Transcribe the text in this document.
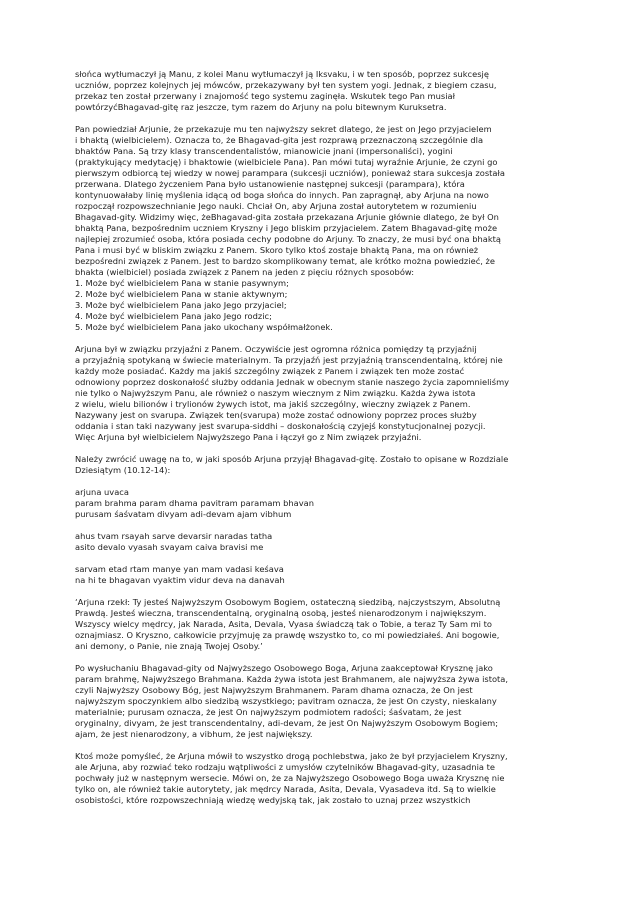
słońca wytłumaczył ją Manu, z kolei Manu wytłumaczył ją Iksvaku, i w ten sposób, poprzez sukcesję
uczniów, poprzez kolejnych jej mówców, przekazywany był ten system yogi. Jednak, z biegiem czasu,
przekaz ten został przerwany i znajomość tego systemu zaginęła. Wskutek tego Pan musiał
powtórzyćBhagavad-gitę raz jeszcze, tym razem do Arjuny na polu bitewnym Kuruksetra.
Pan powiedział Arjunie, że przekazuje mu ten najwyższy sekret dlatego, że jest on Jego przyjacielem
i bhaktą (wielbicielem). Oznacza to, że Bhagavad-gita jest rozprawą przeznaczoną szczególnie dla
bhaktów Pana. Są trzy klasy transcendentalistów, mianowicie jnani (impersonaliści), yogini
(praktykujący medytację) i bhaktowie (wielbiciele Pana). Pan mówi tutaj wyraźnie Arjunie, że czyni go
pierwszym odbiorcą tej wiedzy w nowej parampara (sukcesji uczniów), ponieważ stara sukcesja została
przerwana. Dlatego życzeniem Pana było ustanowienie następnej sukcesji (parampara), która
kontynuowałaby linię myślenia idącą od boga słońca do innych. Pan zapragnął, aby Arjuna na nowo
rozpoczął rozpowszechnianie Jego nauki. Chciał On, aby Arjuna został autorytetem w rozumieniu
Bhagavad-gity. Widzimy więc, żeBhagavad-gita została przekazana Arjunie głównie dlatego, że był On
bhaktą Pana, bezpośrednim uczniem Kryszny i Jego bliskim przyjacielem. Zatem Bhagavad-gitę może
najlepiej zrozumieć osoba, która posiada cechy podobne do Arjuny. To znaczy, że musi być ona bhaktą
Pana i musi być w bliskim związku z Panem. Skoro tylko ktoś zostaje bhaktą Pana, ma on również
bezpośredni związek z Panem. Jest to bardzo skomplikowany temat, ale krótko można powiedzieć, że
bhakta (wielbiciel) posiada związek z Panem na jeden z pięciu różnych sposobów:
1. Może być wielbicielem Pana w stanie pasywnym;
2. Może być wielbicielem Pana w stanie aktywnym;
3. Może być wielbicielem Pana jako Jego przyjaciel;
4. Może być wielbicielem Pana jako Jego rodzic;
5. Może być wielbicielem Pana jako ukochany współmałżonek.
Arjuna był w związku przyjaźni z Panem. Oczywiście jest ogromna różnica pomiędzy tą przyjaźnij
a przyjaźnią spotykaną w świecie materialnym. Ta przyjaźń jest przyjaźnią transcendentalną, której nie
każdy może posiadać. Każdy ma jakiś szczególny związek z Panem i związek ten może zostać
odnowiony poprzez doskonałość służby oddania Jednak w obecnym stanie naszego życia zapomnieliśmy
nie tylko o Najwyższym Panu, ale również o naszym wiecznym z Nim związku. Każda żywa istota
z wielu, wielu bilionów i trylionów żywych istot, ma jakiś szczególny, wieczny związek z Panem.
Nazywany jest on svarupa. Związek ten(svarupa) może zostać odnowiony poprzez proces służby
oddania i stan taki nazywany jest svarupa-siddhi – doskonałością czyjejś konstytucjonalnej pozycji.
Więc Arjuna był wielbicielem Najwyższego Pana i łączył go z Nim związek przyjaźni.
Należy zwrócić uwagę na to, w jaki sposób Arjuna przyjął Bhagavad-gitę. Zostało to opisane w Rozdziale
Dziesiątym (10.12-14):
arjuna uvaca
param brahma param dhama pavitram paramam bhavan
purusam śaśvatam divyam adi-devam ajam vibhum
ahus tvam rsayah sarve devarsir naradas tatha
asito devalo vyasah svayam caiva bravisi me
sarvam etad rtam manye yan mam vadasi keśava
na hi te bhagavan vyaktim vidur deva na danavah
‘Arjuna rzekł: Ty jesteś Najwyższym Osobowym Bogiem, ostateczną siedzibą, najczystszym, Absolutną
Prawdą. Jesteś wieczna, transcendentalną, oryginalną osobą, jesteś nienarodzonym i największym.
Wszyscy wielcy mędrcy, jak Narada, Asita, Devala, Vyasa świadczą tak o Tobie, a teraz Ty Sam mi to
oznajmiasz. O Kryszno, całkowicie przyjmuję za prawdę wszystko to, co mi powiedziałeś. Ani bogowie,
ani demony, o Panie, nie znają Twojej Osoby.’
Po wysłuchaniu Bhagavad-gity od Najwyższego Osobowego Boga, Arjuna zaakceptował Krysznę jako
param brahmę, Najwyższego Brahmana. Każda żywa istota jest Brahmanem, ale najwyższa żywa istota,
czyli Najwyższy Osobowy Bóg, jest Najwyższym Brahmanem. Param dhama oznacza, że On jest
najwyższym spoczynkiem albo siedzibą wszystkiego; pavitram oznacza, że jest On czysty, nieskalany
materialnie; purusam oznacza, że jest On najwyższym podmiotem radości; śaśvatam, że jest
oryginalny, divyam, że jest transcendentalny, adi-devam, że jest On Najwyższym Osobowym Bogiem;
ajam, że jest nienarodzony, a vibhum, że jest największy.
Ktoś może pomyśleć, że Arjuna mówił to wszystko drogą pochlebstwa, jako że był przyjacielem Kryszny,
ale Arjuna, aby rozwiać teko rodzaju wątpliwości z umysłów czytelników Bhagavad-gity, uzasadnia te
pochwały już w następnym wersecie. Mówi on, że za Najwyższego Osobowego Boga uważa Krysznę nie
tylko on, ale również takie autorytety, jak mędrcy Narada, Asita, Devala, Vyasadeva itd. Są to wielkie
osobistości, które rozpowszechniają wiedzę wedyjską tak, jak zostało to uznaj przez wszystkich
